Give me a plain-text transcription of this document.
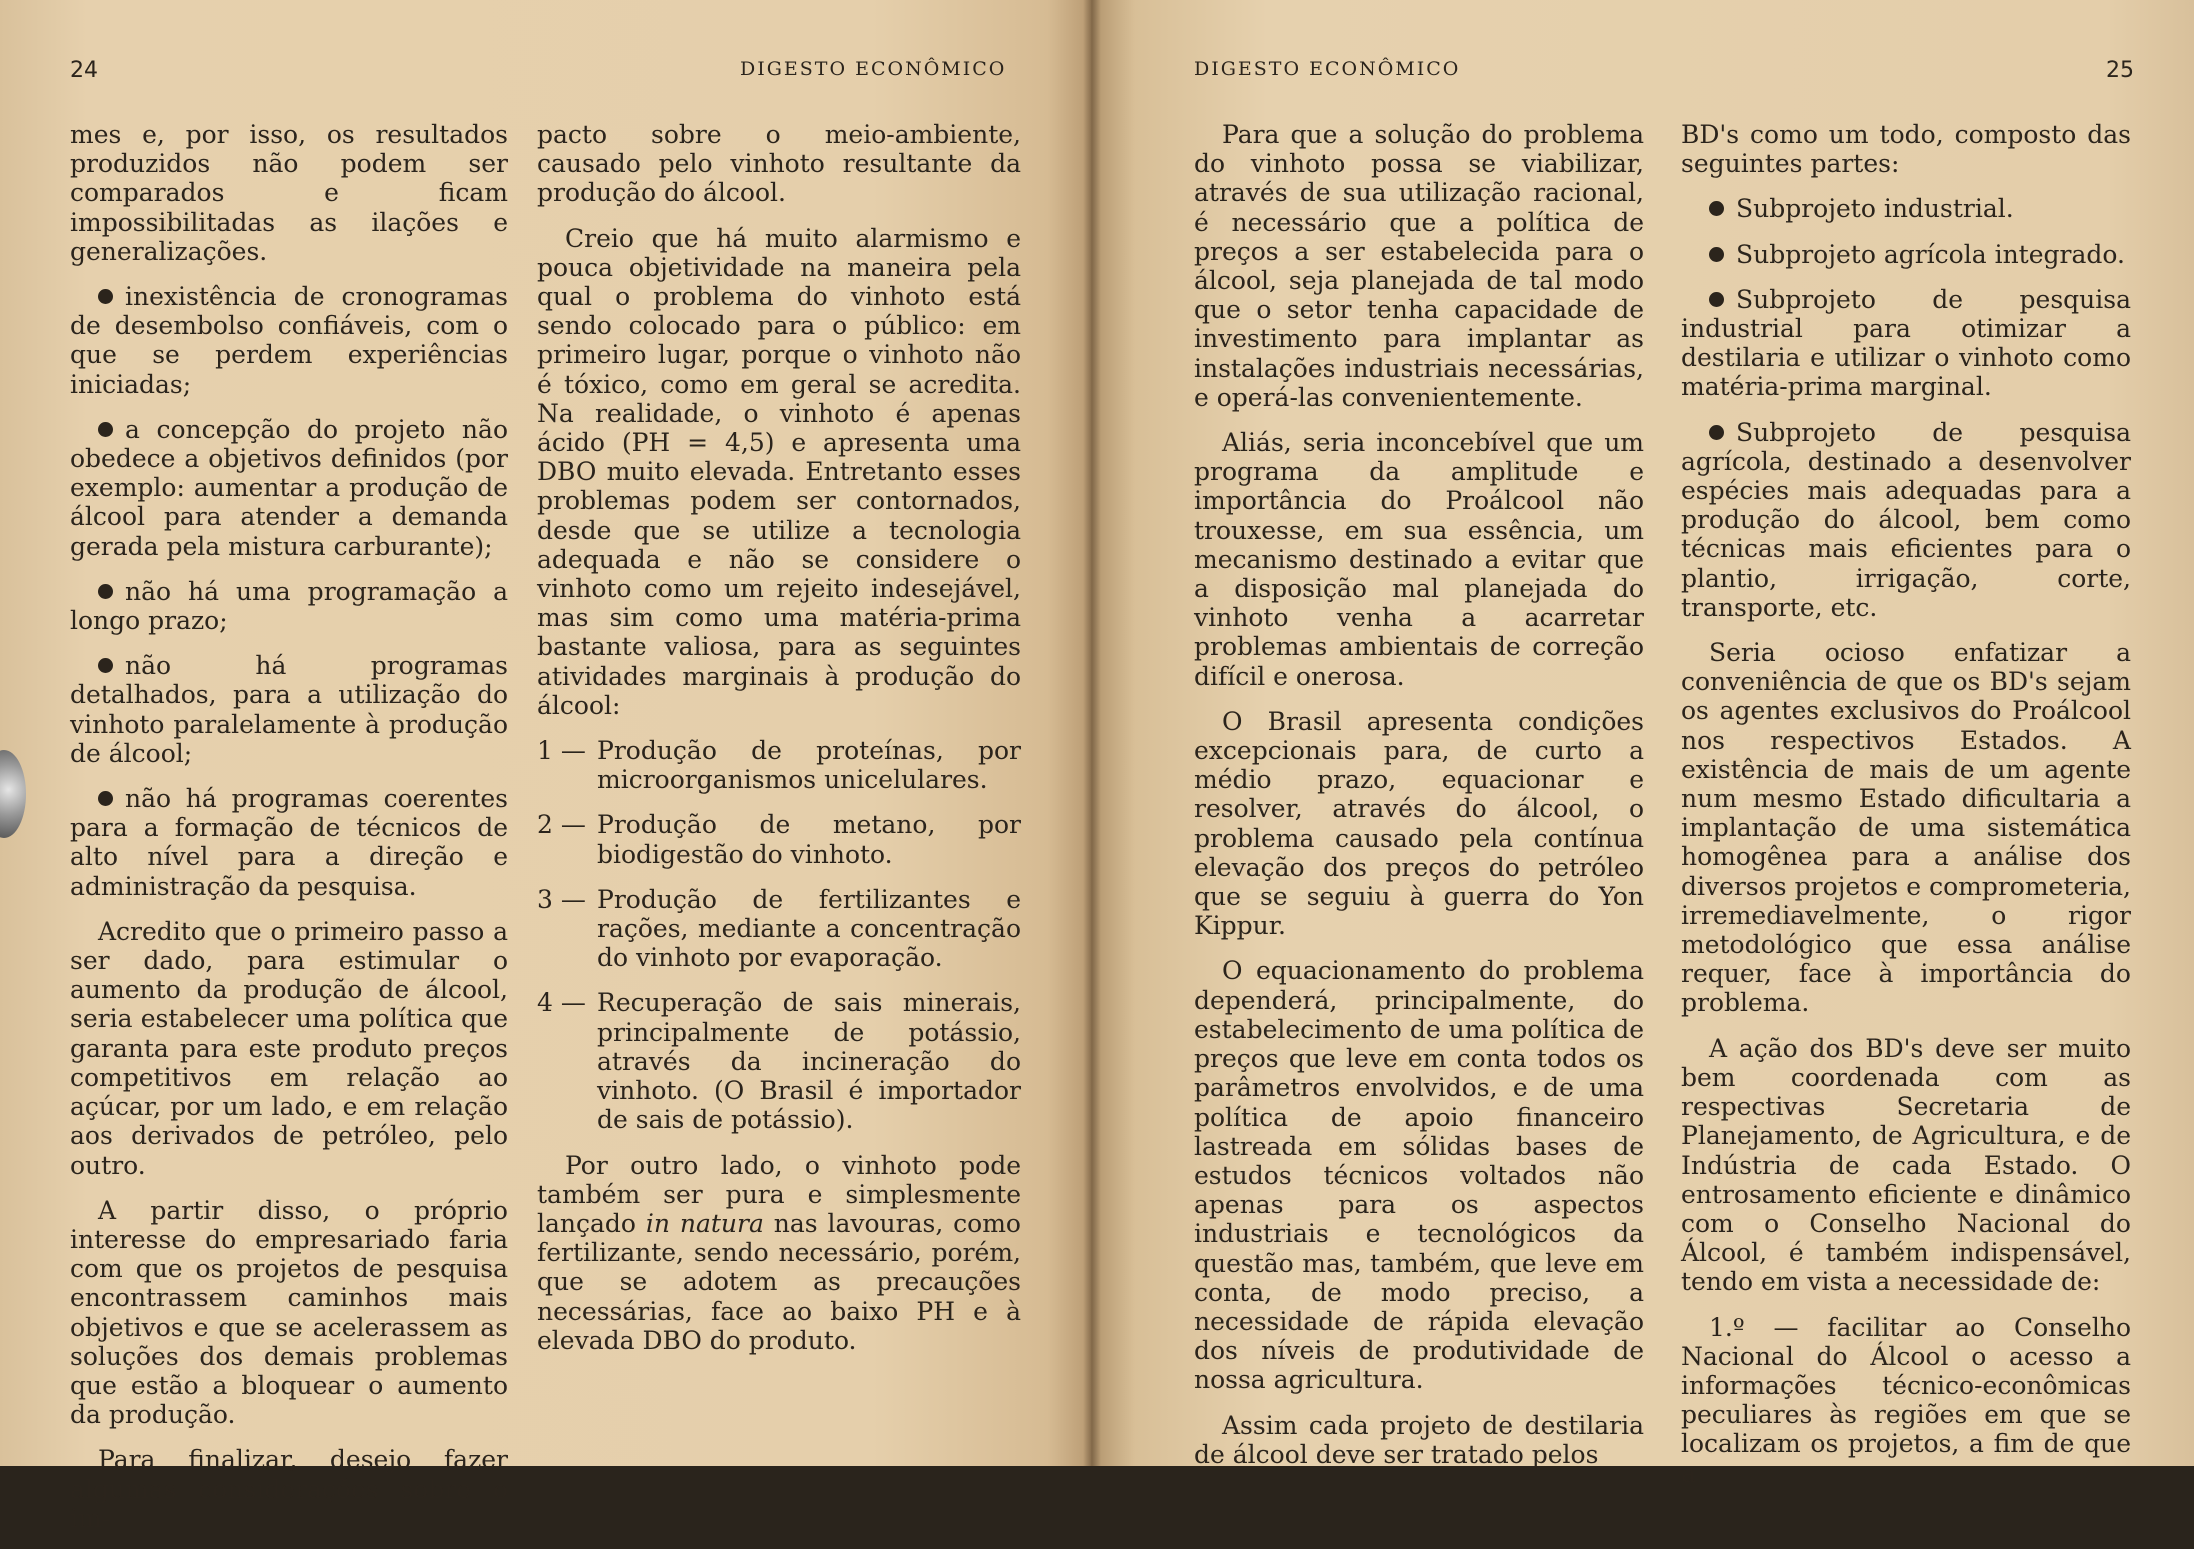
24	DIGESTO ECONÔMICO

mes e, por isso, os resultados produzidos não podem ser comparados e ficam impossibilitadas as ilações e generalizações.

inexistência de cronogramas de desembolso confiáveis, com o que se perdem experiências iniciadas;

a concepção do projeto não obedece a objetivos definidos (por exemplo: aumentar a produção de álcool para atender a demanda gerada pela mistura carburante);

não há uma programação a longo prazo;

não há programas detalhados, para a utilização do vinhoto paralelamente à produção de álcool;

não há programas coerentes para a formação de técnicos de alto nível para a direção e administração da pesquisa.

Acredito que o primeiro passo a ser dado, para estimular o aumento da produção de álcool, seria estabelecer uma política que garanta para este produto preços competitivos em relação ao açúcar, por um lado, e em relação aos derivados de petróleo, pelo outro.

A partir disso, o próprio interesse do empresariado faria com que os projetos de pesquisa encontrassem caminhos mais objetivos e que se acelerassem as soluções dos demais problemas que estão a bloquear o aumento da produção.

Para finalizar, desejo fazer algumas considerações sobre o im-

pacto sobre o meio-ambiente, causado pelo vinhoto resultante da produção do álcool.

Creio que há muito alarmismo e pouca objetividade na maneira pela qual o problema do vinhoto está sendo colocado para o público: em primeiro lugar, porque o vinhoto não é tóxico, como em geral se acredita. Na realidade, o vinhoto é apenas ácido (PH = 4,5) e apresenta uma DBO muito elevada. Entretanto esses problemas podem ser contornados, desde que se utilize a tecnologia adequada e não se considere o vinhoto como um rejeito indesejável, mas sim como uma matéria-prima bastante valiosa, para as seguintes atividades marginais à produção do álcool:

1 — Produção de proteínas, por microorganismos unicelulares.
2 — Produção de metano, por biodigestão do vinhoto.
3 — Produção de fertilizantes e rações, mediante a concentração do vinhoto por evaporação.
4 — Recuperação de sais minerais, principalmente de potássio, através da incineração do vinhoto. (O Brasil é importador de sais de potássio).

Por outro lado, o vinhoto pode também ser pura e simplesmente lançado in natura nas lavouras, como fertilizante, sendo necessário, porém, que se adotem as precauções necessárias, face ao baixo PH e à elevada DBO do produto.

DIGESTO ECONÔMICO	25

Para que a solução do problema do vinhoto possa se viabilizar, através de sua utilização racional, é necessário que a política de preços a ser estabelecida para o álcool, seja planejada de tal modo que o setor tenha capacidade de investimento para implantar as instalações industriais necessárias, e operá-las convenientemente.

Aliás, seria inconcebível que um programa da amplitude e importância do Proálcool não trouxesse, em sua essência, um mecanismo destinado a evitar que a disposição mal planejada do vinhoto venha a acarretar problemas ambientais de correção difícil e onerosa.

O Brasil apresenta condições excepcionais para, de curto a médio prazo, equacionar e resolver, através do álcool, o problema causado pela contínua elevação dos preços do petróleo que se seguiu à guerra do Yon Kippur.

O equacionamento do problema dependerá, principalmente, do estabelecimento de uma política de preços que leve em conta todos os parâmetros envolvidos, e de uma política de apoio financeiro lastreada em sólidas bases de estudos técnicos voltados não apenas para os aspectos industriais e tecnológicos da questão mas, também, que leve em conta, de modo preciso, a necessidade de rápida elevação dos níveis de produtividade de nossa agricultura.

Assim cada projeto de destilaria de álcool deve ser tratado pelos

BD's como um todo, composto das seguintes partes:

Subprojeto industrial.

Subprojeto agrícola integrado.

Subprojeto de pesquisa industrial para otimizar a destilaria e utilizar o vinhoto como matéria-prima marginal.

Subprojeto de pesquisa agrícola, destinado a desenvolver espécies mais adequadas para a produção do álcool, bem como técnicas mais eficientes para o plantio, irrigação, corte, transporte, etc.

Seria ocioso enfatizar a conveniência de que os BD's sejam os agentes exclusivos do Proálcool nos respectivos Estados. A existência de mais de um agente num mesmo Estado dificultaria a implantação de uma sistemática homogênea para a análise dos diversos projetos e comprometeria, irremediavelmente, o rigor metodológico que essa análise requer, face à importância do problema.

A ação dos BD's deve ser muito bem coordenada com as respectivas Secretaria de Planejamento, de Agricultura, e de Indústria de cada Estado. O entrosamento eficiente e dinâmico com o Conselho Nacional do Álcool, é também indispensável, tendo em vista a necessidade de:

1.º — facilitar ao Conselho Nacional do Álcool o acesso a informações técnico-econômicas peculiares às regiões em que se localizam os projetos, a fim de que a
